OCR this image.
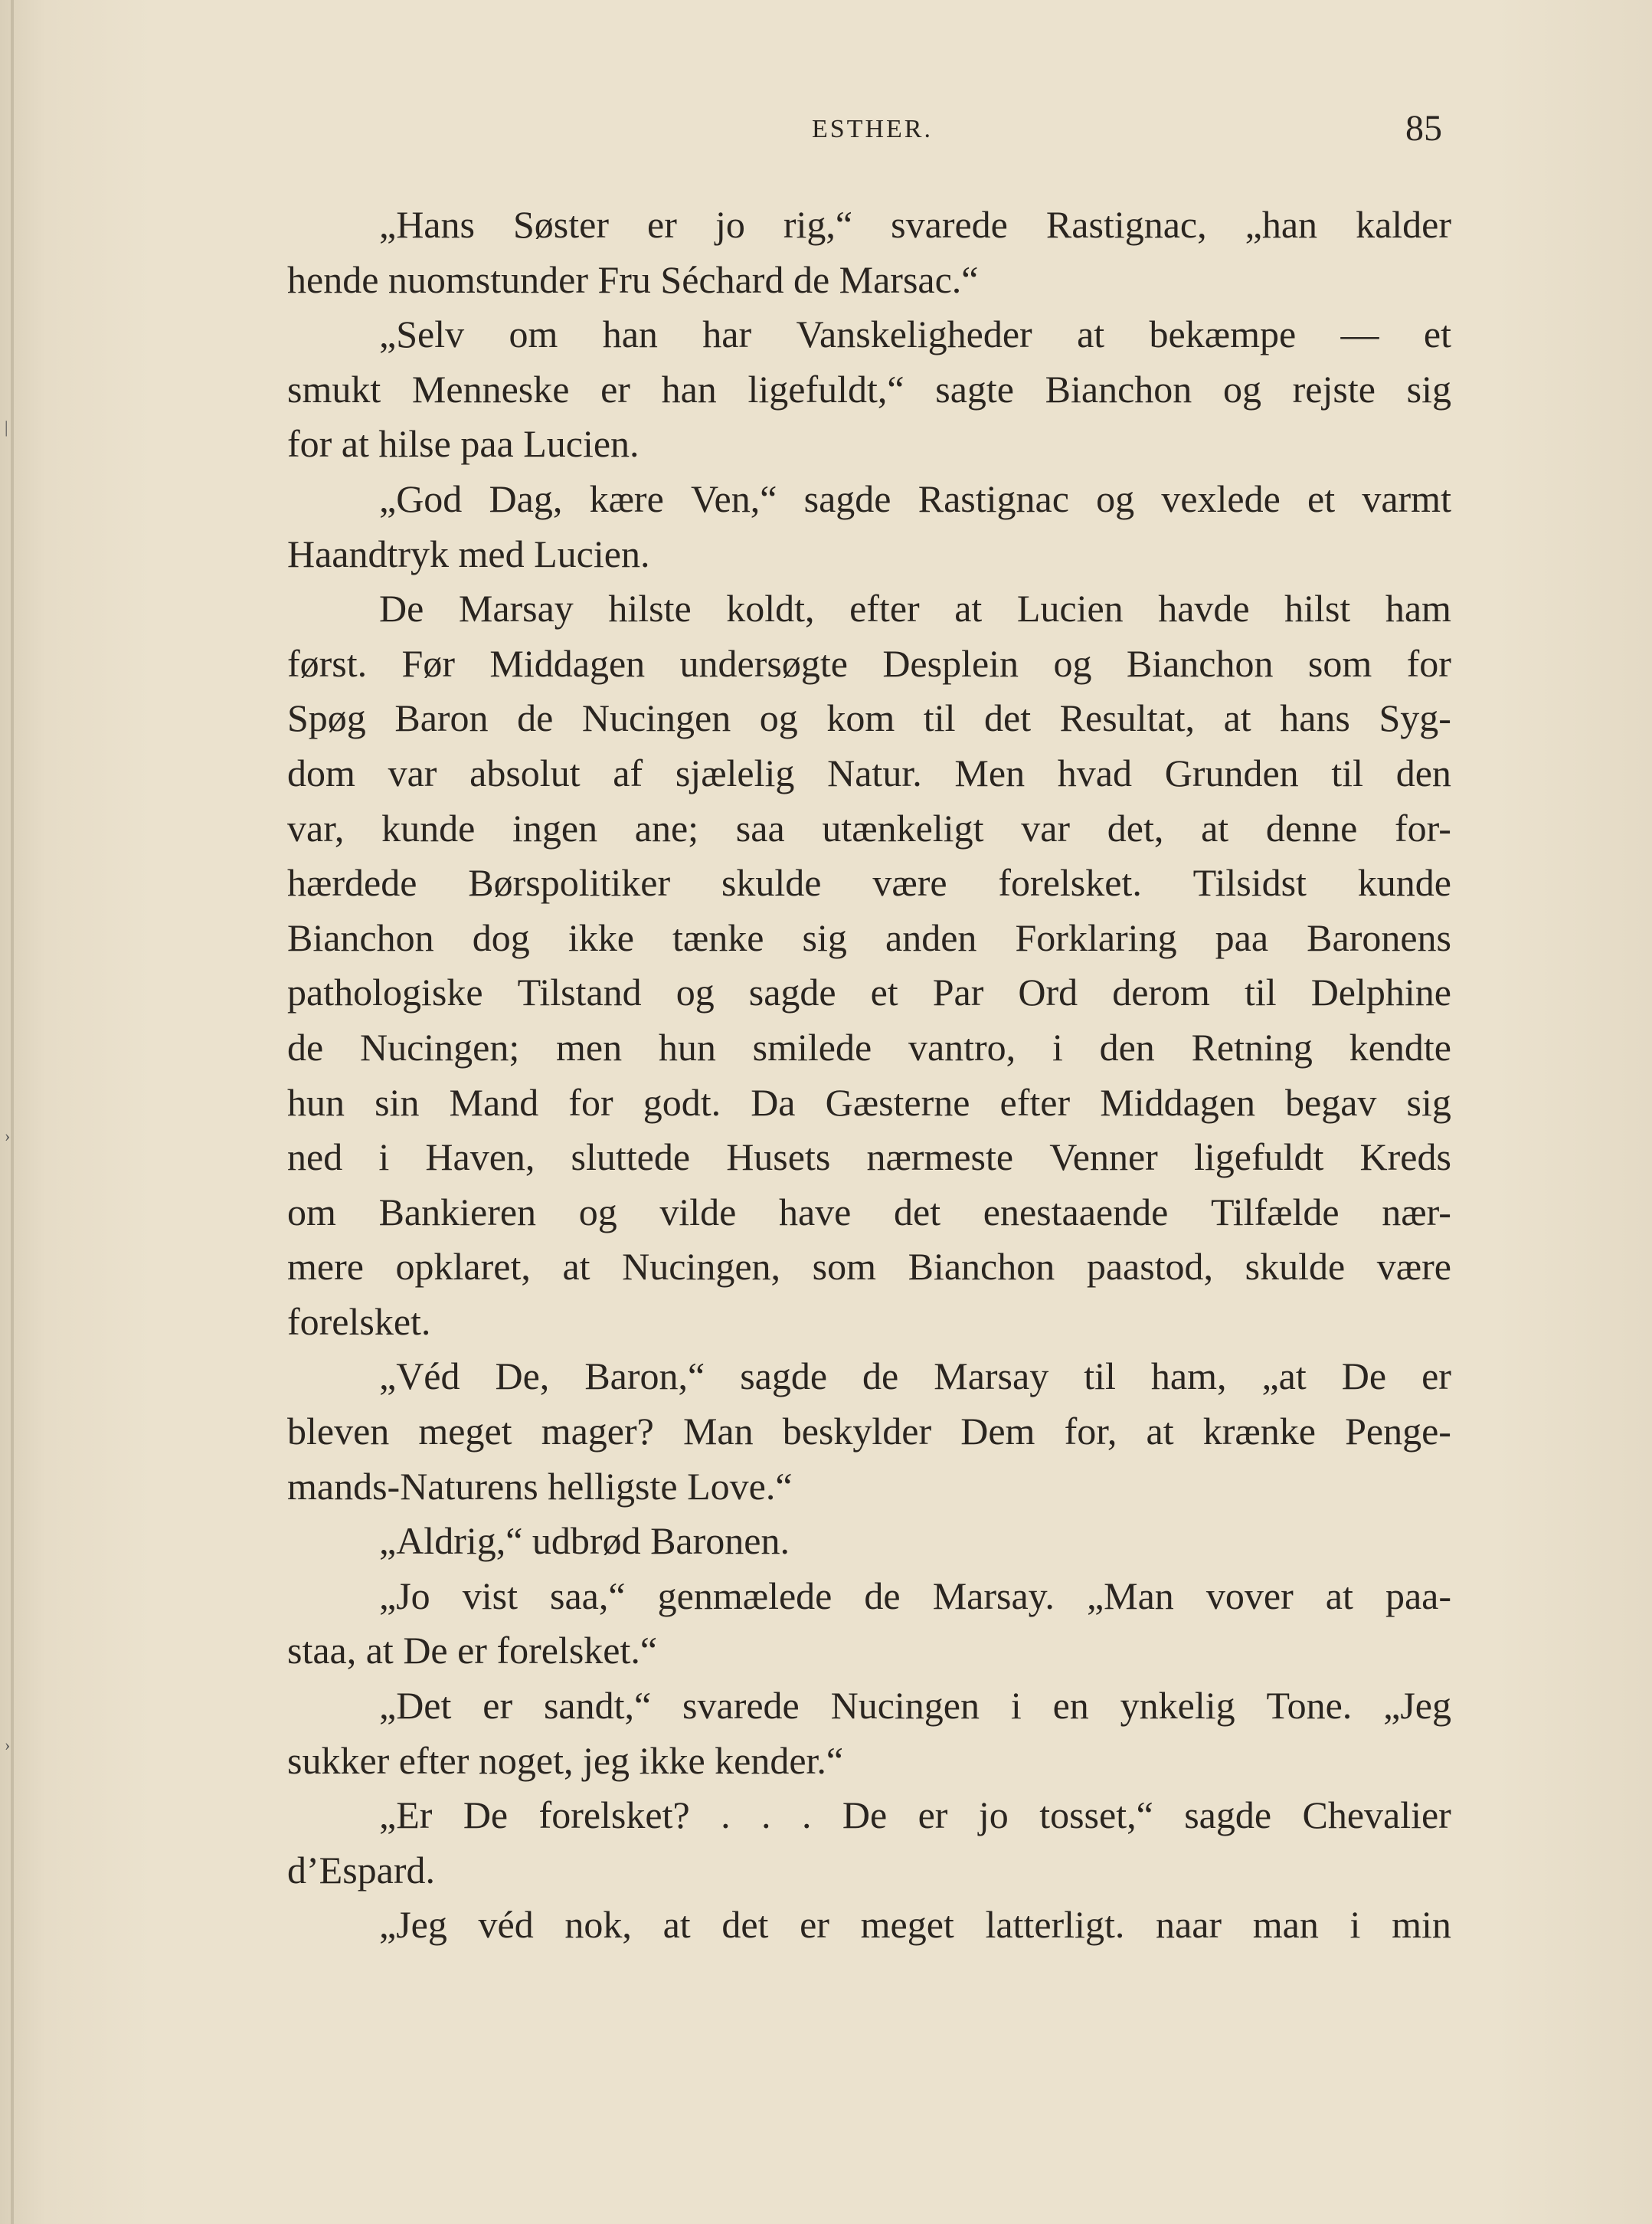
|
›
›
ESTHER.	85
„Hans Søster er jo rig,“ svarede Rastignac, „han kalder
hende nuomstunder Fru Séchard de Marsac.“
„Selv om han har Vanskeligheder at bekæmpe — et
smukt Menneske er han ligefuldt,“ sagte Bianchon og rejste sig
for at hilse paa Lucien.
„God Dag, kære Ven,“ sagde Rastignac og vexlede et varmt
Haandtryk med Lucien.
De Marsay hilste koldt, efter at Lucien havde hilst ham
først. Før Middagen undersøgte Desplein og Bianchon som for
Spøg Baron de Nucingen og kom til det Resultat, at hans Syg-
dom var absolut af sjælelig Natur. Men hvad Grunden til den
var, kunde ingen ane; saa utænkeligt var det, at denne for-
hærdede Børspolitiker skulde være forelsket. Tilsidst kunde
Bianchon dog ikke tænke sig anden Forklaring paa Baronens
pathologiske Tilstand og sagde et Par Ord derom til Delphine
de Nucingen; men hun smilede vantro, i den Retning kendte
hun sin Mand for godt. Da Gæsterne efter Middagen begav sig
ned i Haven, sluttede Husets nærmeste Venner ligefuldt Kreds
om Bankieren og vilde have det enestaaende Tilfælde nær-
mere opklaret, at Nucingen, som Bianchon paastod, skulde være
forelsket.
„Véd De, Baron,“ sagde de Marsay til ham, „at De er
bleven meget mager? Man beskylder Dem for, at krænke Penge-
mands-Naturens helligste Love.“
„Aldrig,“ udbrød Baronen.
„Jo vist saa,“ genmælede de Marsay. „Man vover at paa-
staa, at De er forelsket.“
„Det er sandt,“ svarede Nucingen i en ynkelig Tone. „Jeg
sukker efter noget, jeg ikke kender.“
„Er De forelsket? . . . De er jo tosset,“ sagde Chevalier
d’Espard.
„Jeg véd nok, at det er meget latterligt. naar man i min
